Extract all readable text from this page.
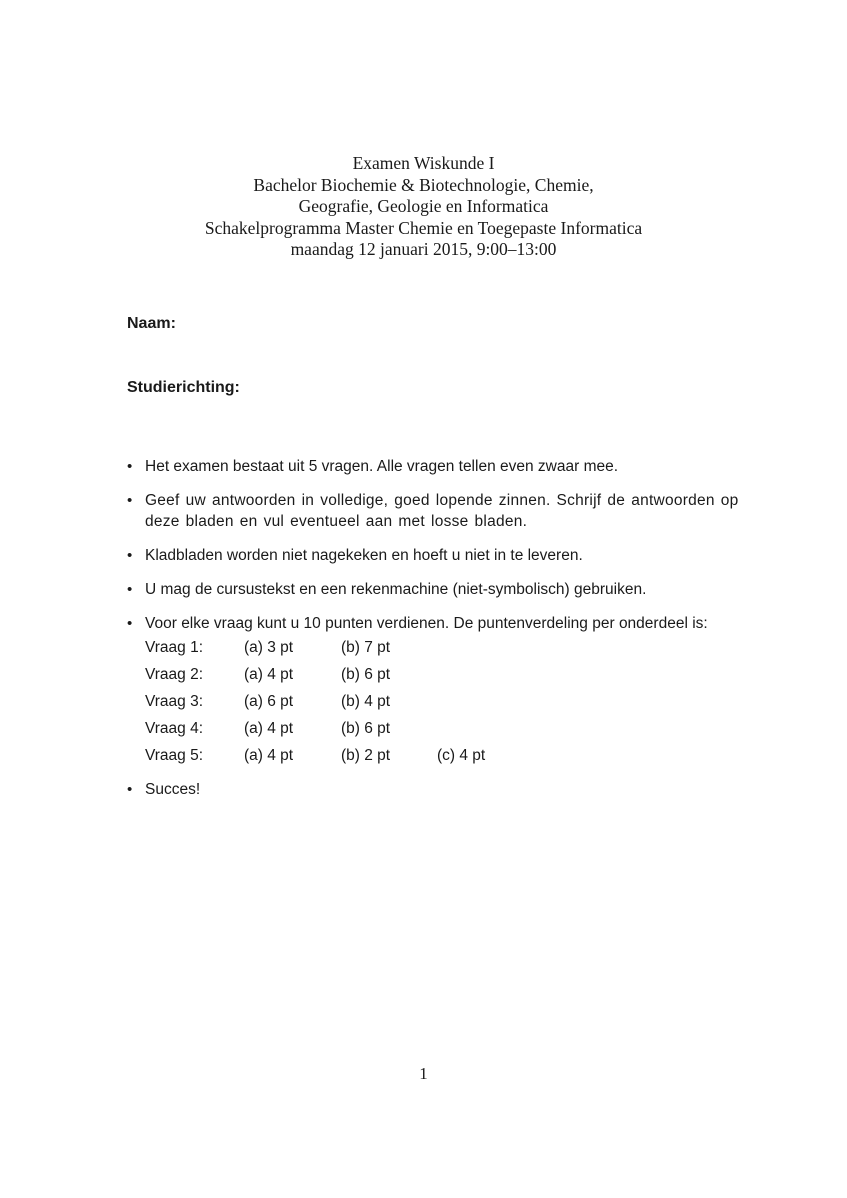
Examen Wiskunde I
Bachelor Biochemie & Biotechnologie, Chemie,
Geografie, Geologie en Informatica
Schakelprogramma Master Chemie en Toegepaste Informatica
maandag 12 januari 2015, 9:00–13:00
Naam:
Studierichting:
• Het examen bestaat uit 5 vragen. Alle vragen tellen even zwaar mee.
• Geef uw antwoorden in volledige, goed lopende zinnen. Schrijf de antwoorden op deze bladen en vul eventueel aan met losse bladen.
• Kladbladen worden niet nagekeken en hoeft u niet in te leveren.
• U mag de cursustekst en een rekenmachine (niet-symbolisch) gebruiken.
• Voor elke vraag kunt u 10 punten verdienen. De puntenverdeling per onderdeel is:
Vraag 1:	(a) 3 pt	(b) 7 pt
Vraag 2:	(a) 4 pt	(b) 6 pt
Vraag 3:	(a) 6 pt	(b) 4 pt
Vraag 4:	(a) 4 pt	(b) 6 pt
Vraag 5:	(a) 4 pt	(b) 2 pt	(c) 4 pt
• Succes!
1
